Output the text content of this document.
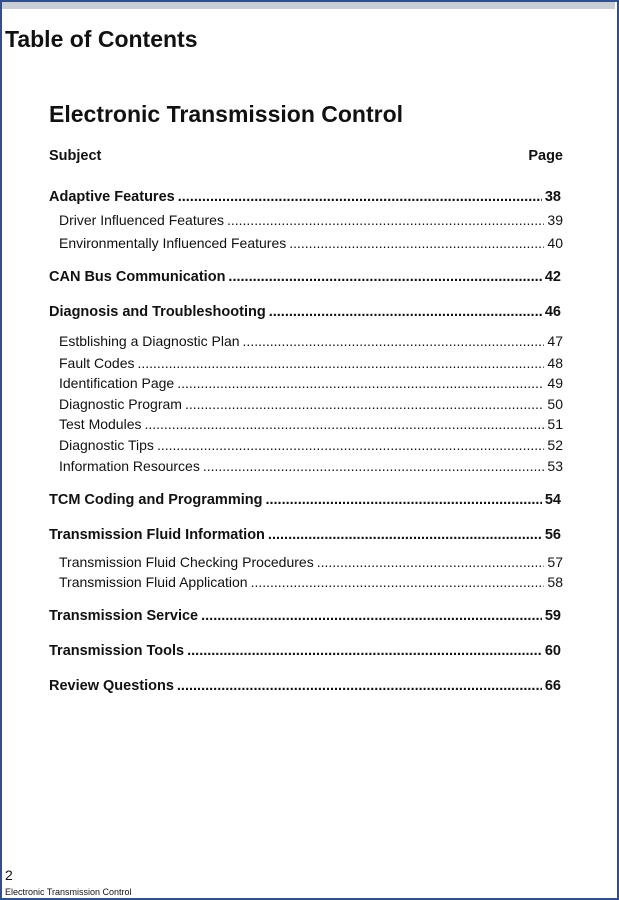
Table of Contents
Electronic Transmission Control
Subject	Page
Adaptive Features .....	38
Driver Influenced Features .....	39
Environmentally Influenced Features .....	40
CAN Bus Communication .....	42
Diagnosis and Troubleshooting .....	46
Estblishing a Diagnostic Plan .....	47
Fault Codes .....	48
Identification Page .....	49
Diagnostic Program .....	50
Test Modules .....	51
Diagnostic Tips .....	52
Information Resources .....	53
TCM Coding and Programming .....	54
Transmission Fluid Information .....	56
Transmission Fluid Checking Procedures .....	57
Transmission Fluid Application .....	58
Transmission Service .....	59
Transmission Tools .....	60
Review Questions .....	66
2
Electronic Transmission Control
